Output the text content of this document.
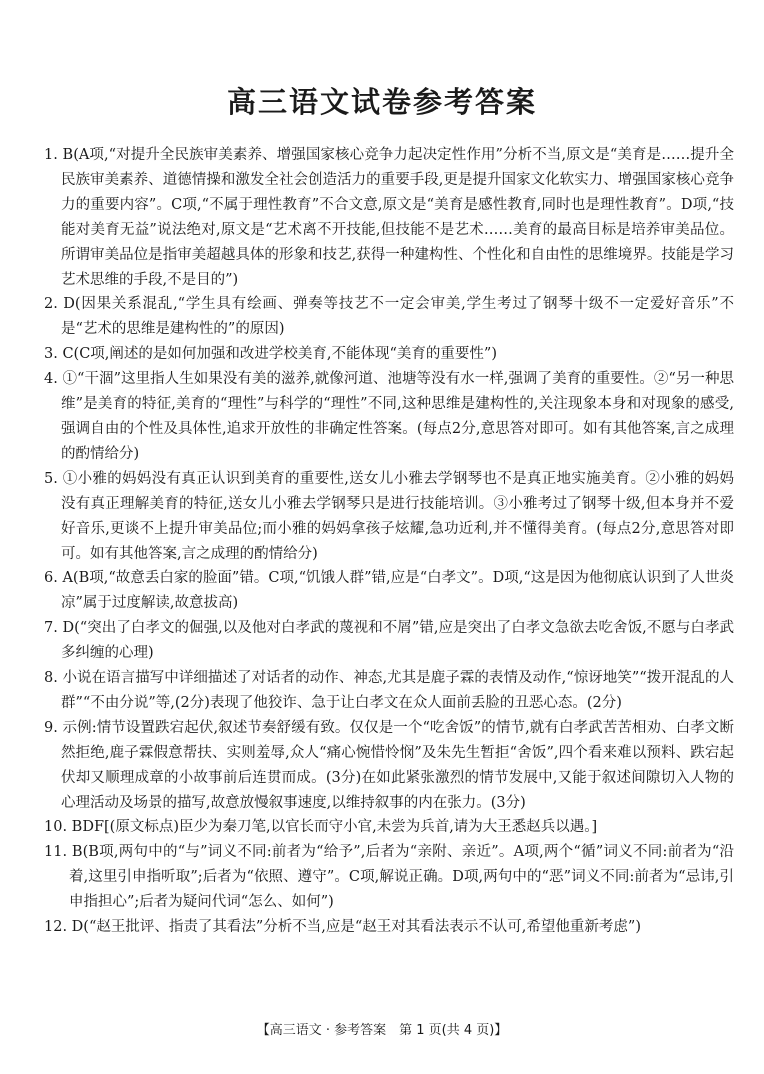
高三语文试卷参考答案

1. B(A项,“对提升全民族审美素养、增强国家核心竞争力起决定性作用”分析不当,原文是“美育是……提升全民族审美素养、道德情操和激发全社会创造活力的重要手段,更是提升国家文化软实力、增强国家核心竞争力的重要内容”。C项,“不属于理性教育”不合文意,原文是“美育是感性教育,同时也是理性教育”。D项,“技能对美育无益”说法绝对,原文是“艺术离不开技能,但技能不是艺术……美育的最高目标是培养审美品位。所谓审美品位是指审美超越具体的形象和技艺,获得一种建构性、个性化和自由性的思维境界。技能是学习艺术思维的手段,不是目的”)

2. D(因果关系混乱,“学生具有绘画、弹奏等技艺不一定会审美,学生考过了钢琴十级不一定爱好音乐”不是“艺术的思维是建构性的”的原因)

3. C(C项,阐述的是如何加强和改进学校美育,不能体现“美育的重要性”)

4. ①“干涸”这里指人生如果没有美的滋养,就像河道、池塘等没有水一样,强调了美育的重要性。②“另一种思维”是美育的特征,美育的“理性”与科学的“理性”不同,这种思维是建构性的,关注现象本身和对现象的感受,强调自由的个性及具体性,追求开放性的非确定性答案。(每点2分,意思答对即可。如有其他答案,言之成理的酌情给分)

5. ①小雅的妈妈没有真正认识到美育的重要性,送女儿小雅去学钢琴也不是真正地实施美育。②小雅的妈妈没有真正理解美育的特征,送女儿小雅去学钢琴只是进行技能培训。③小雅考过了钢琴十级,但本身并不爱好音乐,更谈不上提升审美品位;而小雅的妈妈拿孩子炫耀,急功近利,并不懂得美育。(每点2分,意思答对即可。如有其他答案,言之成理的酌情给分)

6. A(B项,“故意丢白家的脸面”错。C项,“饥饿人群”错,应是“白孝文”。D项,“这是因为他彻底认识到了人世炎凉”属于过度解读,故意拔高)

7. D(“突出了白孝文的倔强,以及他对白孝武的蔑视和不屑”错,应是突出了白孝文急欲去吃舍饭,不愿与白孝武多纠缠的心理)

8. 小说在语言描写中详细描述了对话者的动作、神态,尤其是鹿子霖的表情及动作,“惊讶地笑”“拨开混乱的人群”“不由分说”等,(2分)表现了他狡诈、急于让白孝文在众人面前丢脸的丑恶心态。(2分)

9. 示例:情节设置跌宕起伏,叙述节奏舒缓有致。仅仅是一个“吃舍饭”的情节,就有白孝武苦苦相劝、白孝文断然拒绝,鹿子霖假意帮扶、实则羞辱,众人“痛心惋惜怜悯”及朱先生暂拒“舍饭”,四个看来难以预料、跌宕起伏却又顺理成章的小故事前后连贯而成。(3分)在如此紧张激烈的情节发展中,又能于叙述间隙切入人物的心理活动及场景的描写,故意放慢叙事速度,以维持叙事的内在张力。(3分)

10. BDF[(原文标点)臣少为秦刀笔,以官长而守小官,未尝为兵首,请为大王悉赵兵以遇。]

11. B(B项,两句中的“与”词义不同:前者为“给予”,后者为“亲附、亲近”。A项,两个“循”词义不同:前者为“沿着,这里引申指听取”;后者为“依照、遵守”。C项,解说正确。D项,两句中的“恶”词义不同:前者为“忌讳,引申指担心”;后者为疑问代词“怎么、如何”)

12. D(“赵王批评、指责了其看法”分析不当,应是“赵王对其看法表示不认可,希望他重新考虑”)

【高三语文 · 参考答案　第 1 页(共 4 页)】
